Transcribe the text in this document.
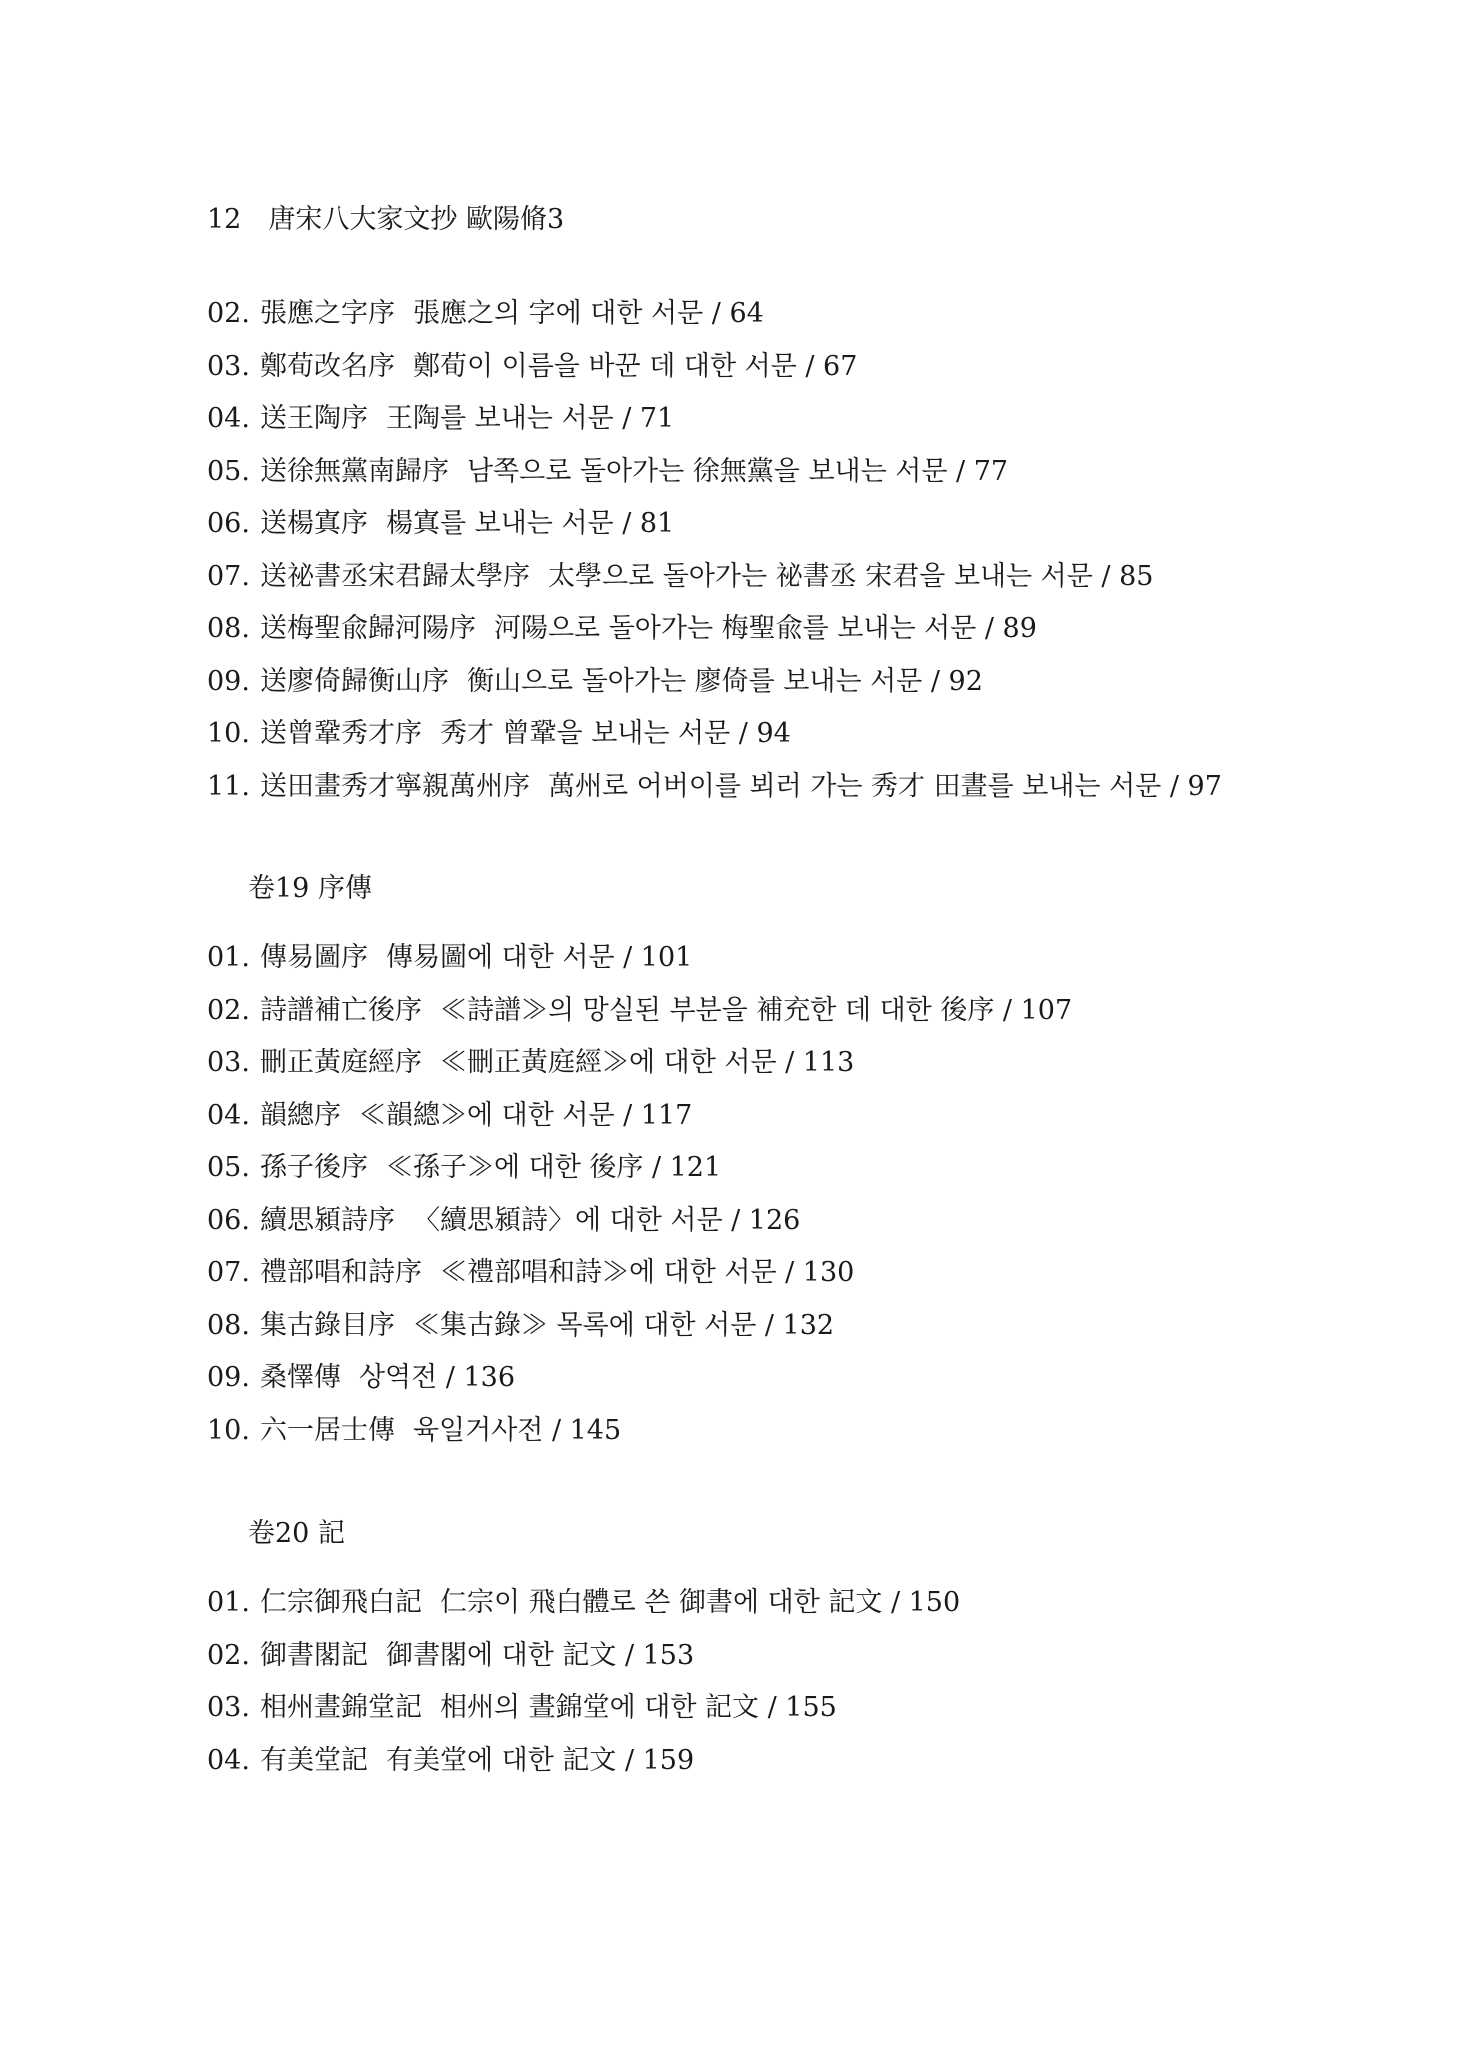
12　唐宋八大家文抄 歐陽脩3
02. 張應之字序 張應之의 字에 대한 서문 / 64
03. 鄭荀改名序 鄭荀이 이름을 바꾼 데 대한 서문 / 67
04. 送王陶序 王陶를 보내는 서문 / 71
05. 送徐無黨南歸序 남쪽으로 돌아가는 徐無黨을 보내는 서문 / 77
06. 送楊寘序 楊寘를 보내는 서문 / 81
07. 送祕書丞宋君歸太學序 太學으로 돌아가는 祕書丞 宋君을 보내는 서문 / 85
08. 送梅聖兪歸河陽序 河陽으로 돌아가는 梅聖兪를 보내는 서문 / 89
09. 送廖倚歸衡山序 衡山으로 돌아가는 廖倚를 보내는 서문 / 92
10. 送曾鞏秀才序 秀才 曾鞏을 보내는 서문 / 94
11. 送田畫秀才寧親萬州序 萬州로 어버이를 뵈러 가는 秀才 田晝를 보내는 서문 / 97
卷19 序傳
01. 傳易圖序 傳易圖에 대한 서문 / 101
02. 詩譜補亡後序 ≪詩譜≫의 망실된 부분을 補充한 데 대한 後序 / 107
03. 刪正黃庭經序 ≪刪正黃庭經≫에 대한 서문 / 113
04. 韻總序 ≪韻總≫에 대한 서문 / 117
05. 孫子後序 ≪孫子≫에 대한 後序 / 121
06. 續思潁詩序 〈續思潁詩〉에 대한 서문 / 126
07. 禮部唱和詩序 ≪禮部唱和詩≫에 대한 서문 / 130
08. 集古錄目序 ≪集古錄≫ 목록에 대한 서문 / 132
09. 桑懌傳 상역전 / 136
10. 六一居士傳 육일거사전 / 145
卷20 記
01. 仁宗御飛白記 仁宗이 飛白體로 쓴 御書에 대한 記文 / 150
02. 御書閣記 御書閣에 대한 記文 / 153
03. 相州晝錦堂記 相州의 晝錦堂에 대한 記文 / 155
04. 有美堂記 有美堂에 대한 記文 / 159
